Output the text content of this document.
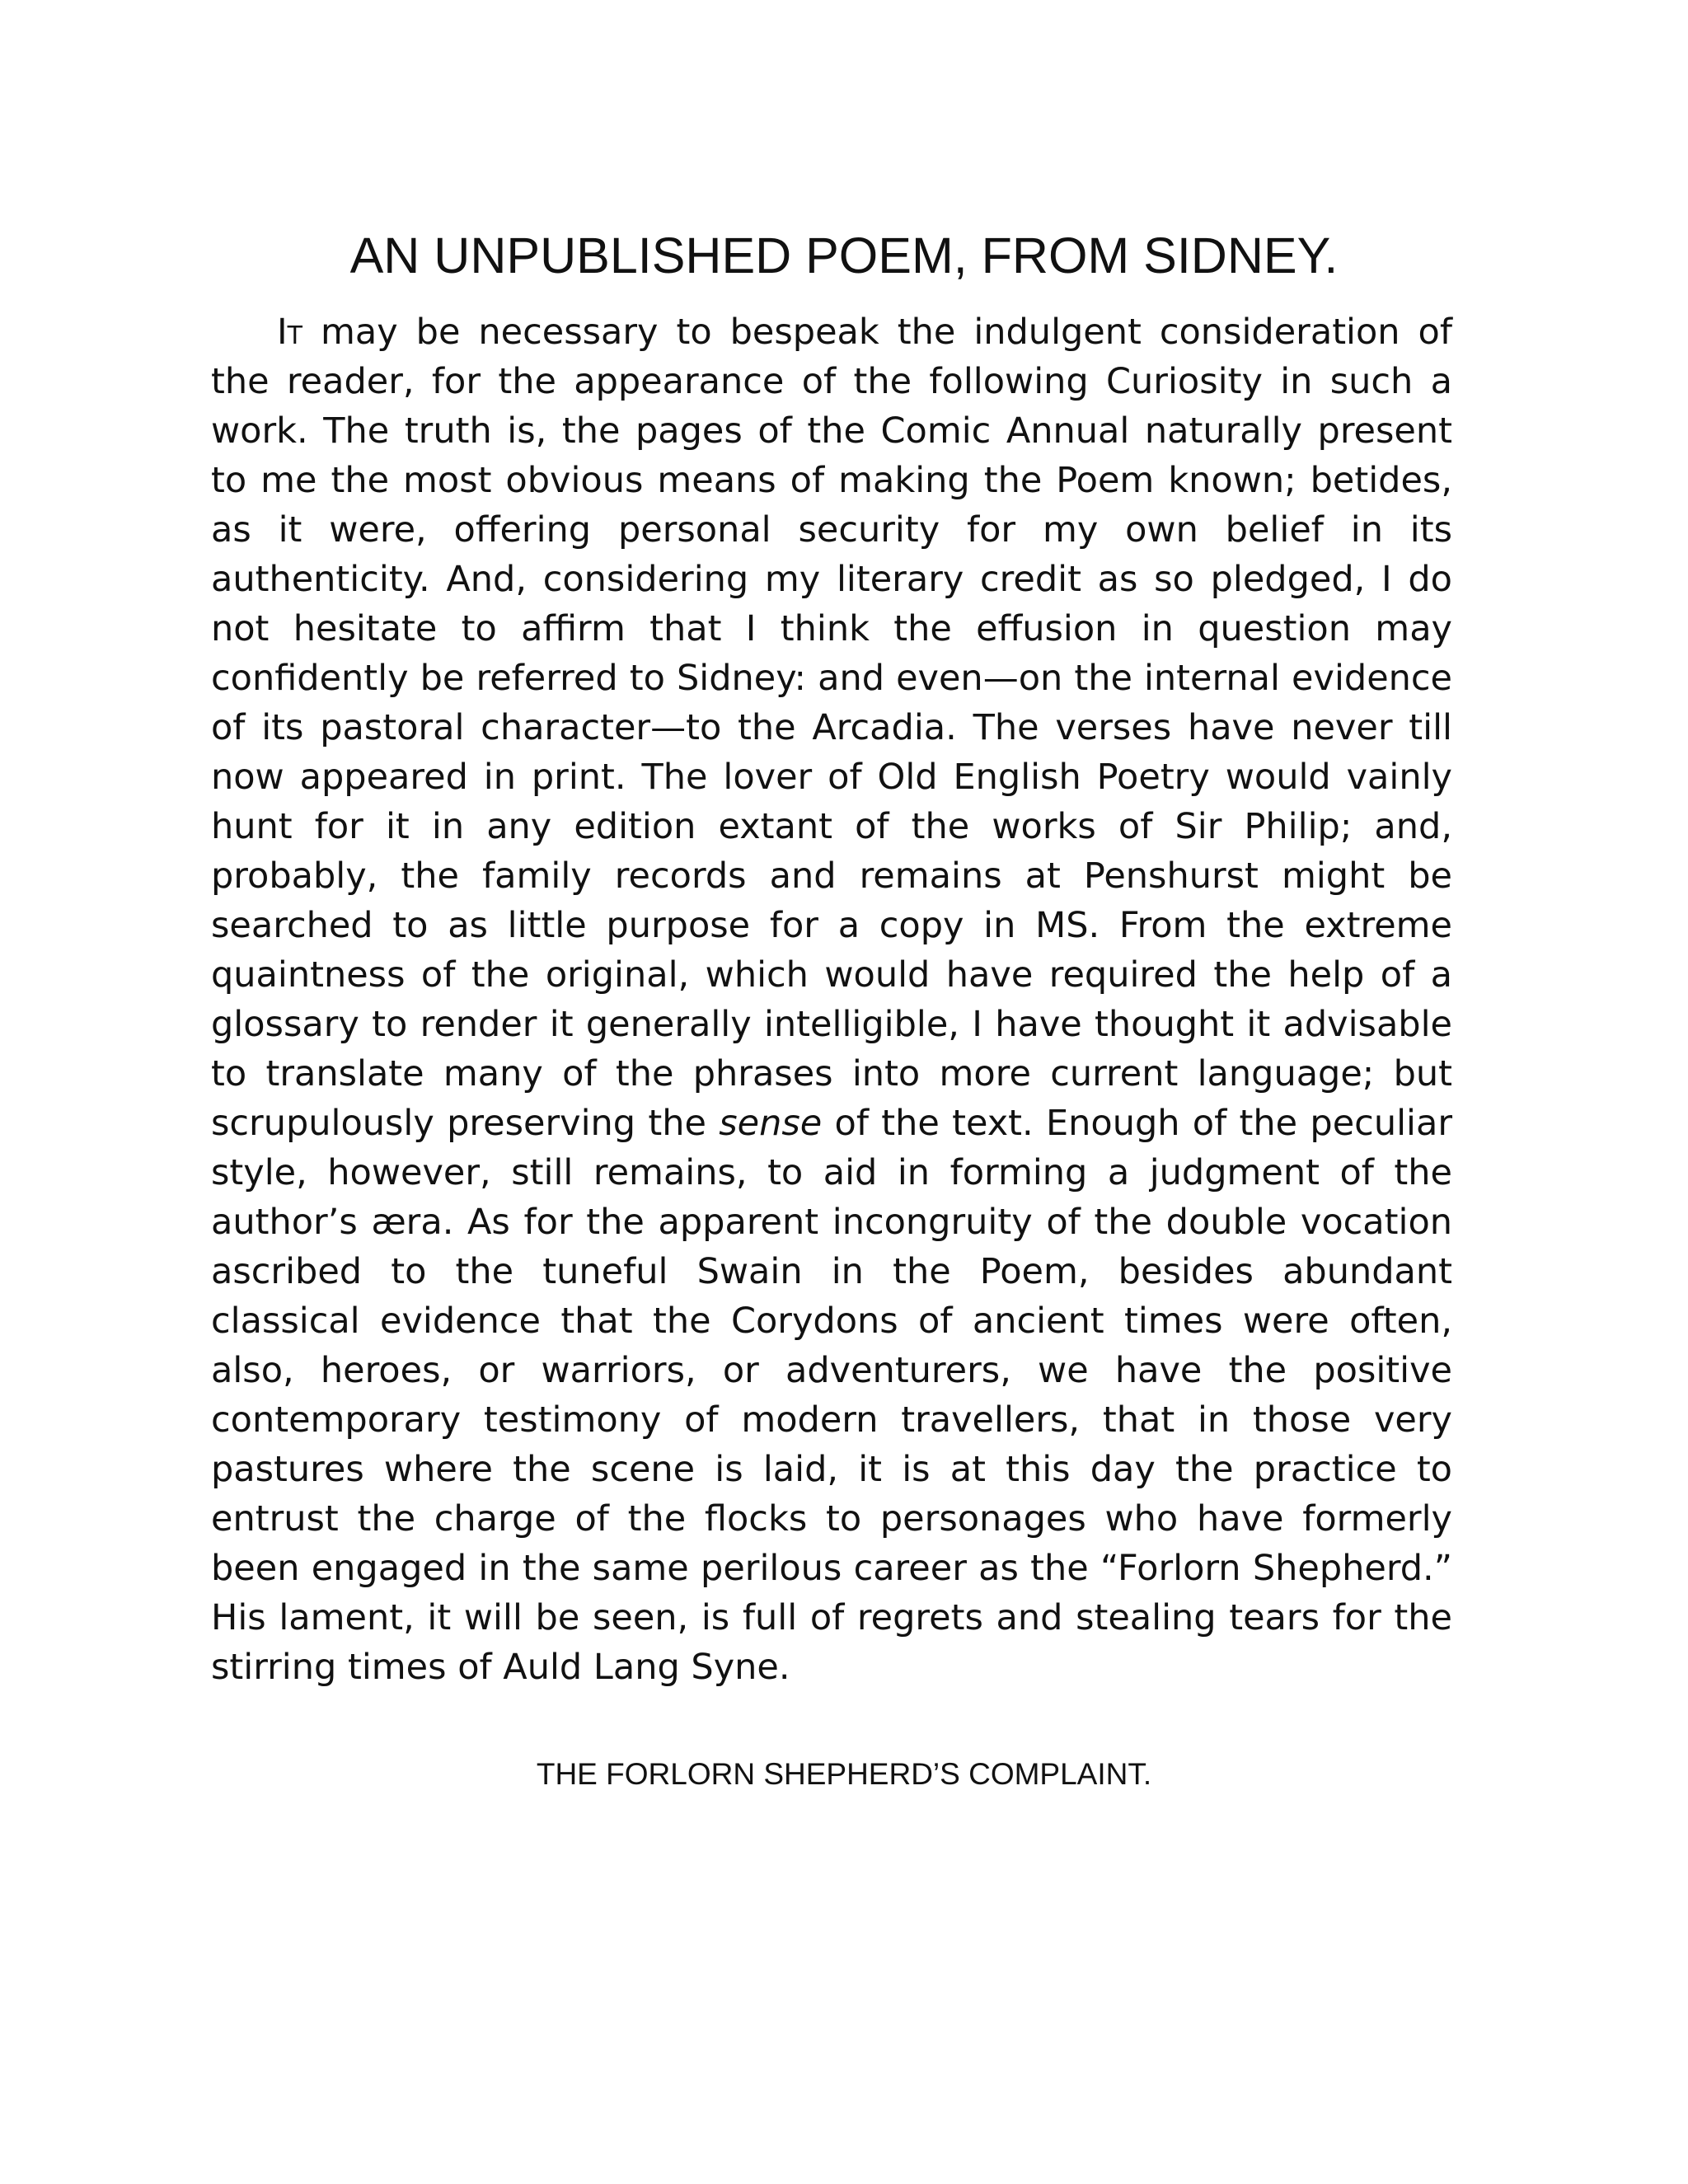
AN UNPUBLISHED POEM, FROM SIDNEY.

It may be necessary to bespeak the indulgent consideration of the reader, for the appearance of the following Curiosity in such a work. The truth is, the pages of the Comic Annual naturally present to me the most obvious means of making the Poem known; betides, as it were, offering personal security for my own belief in its authenticity. And, considering my literary credit as so pledged, I do not hesitate to affirm that I think the effusion in question may confidently be referred to Sidney: and even—on the internal evidence of its pastoral character—to the Arcadia. The verses have never till now appeared in print. The lover of Old English Poetry would vainly hunt for it in any edition extant of the works of Sir Philip; and, probably, the family records and remains at Penshurst might be searched to as little purpose for a copy in MS. From the extreme quaintness of the original, which would have required the help of a glossary to render it generally intelligible, I have thought it advisable to translate many of the phrases into more current language; but scrupulously preserving the sense of the text. Enough of the peculiar style, however, still remains, to aid in forming a judgment of the author’s æra. As for the apparent incongruity of the double vocation ascribed to the tuneful Swain in the Poem, besides abundant classical evidence that the Corydons of ancient times were often, also, heroes, or warriors, or adventurers, we have the positive contemporary testimony of modern travellers, that in those very pastures where the scene is laid, it is at this day the practice to entrust the charge of the flocks to personages who have formerly been engaged in the same perilous career as the “Forlorn Shepherd.” His lament, it will be seen, is full of regrets and stealing tears for the stirring times of Auld Lang Syne.

THE FORLORN SHEPHERD’S COMPLAINT.
